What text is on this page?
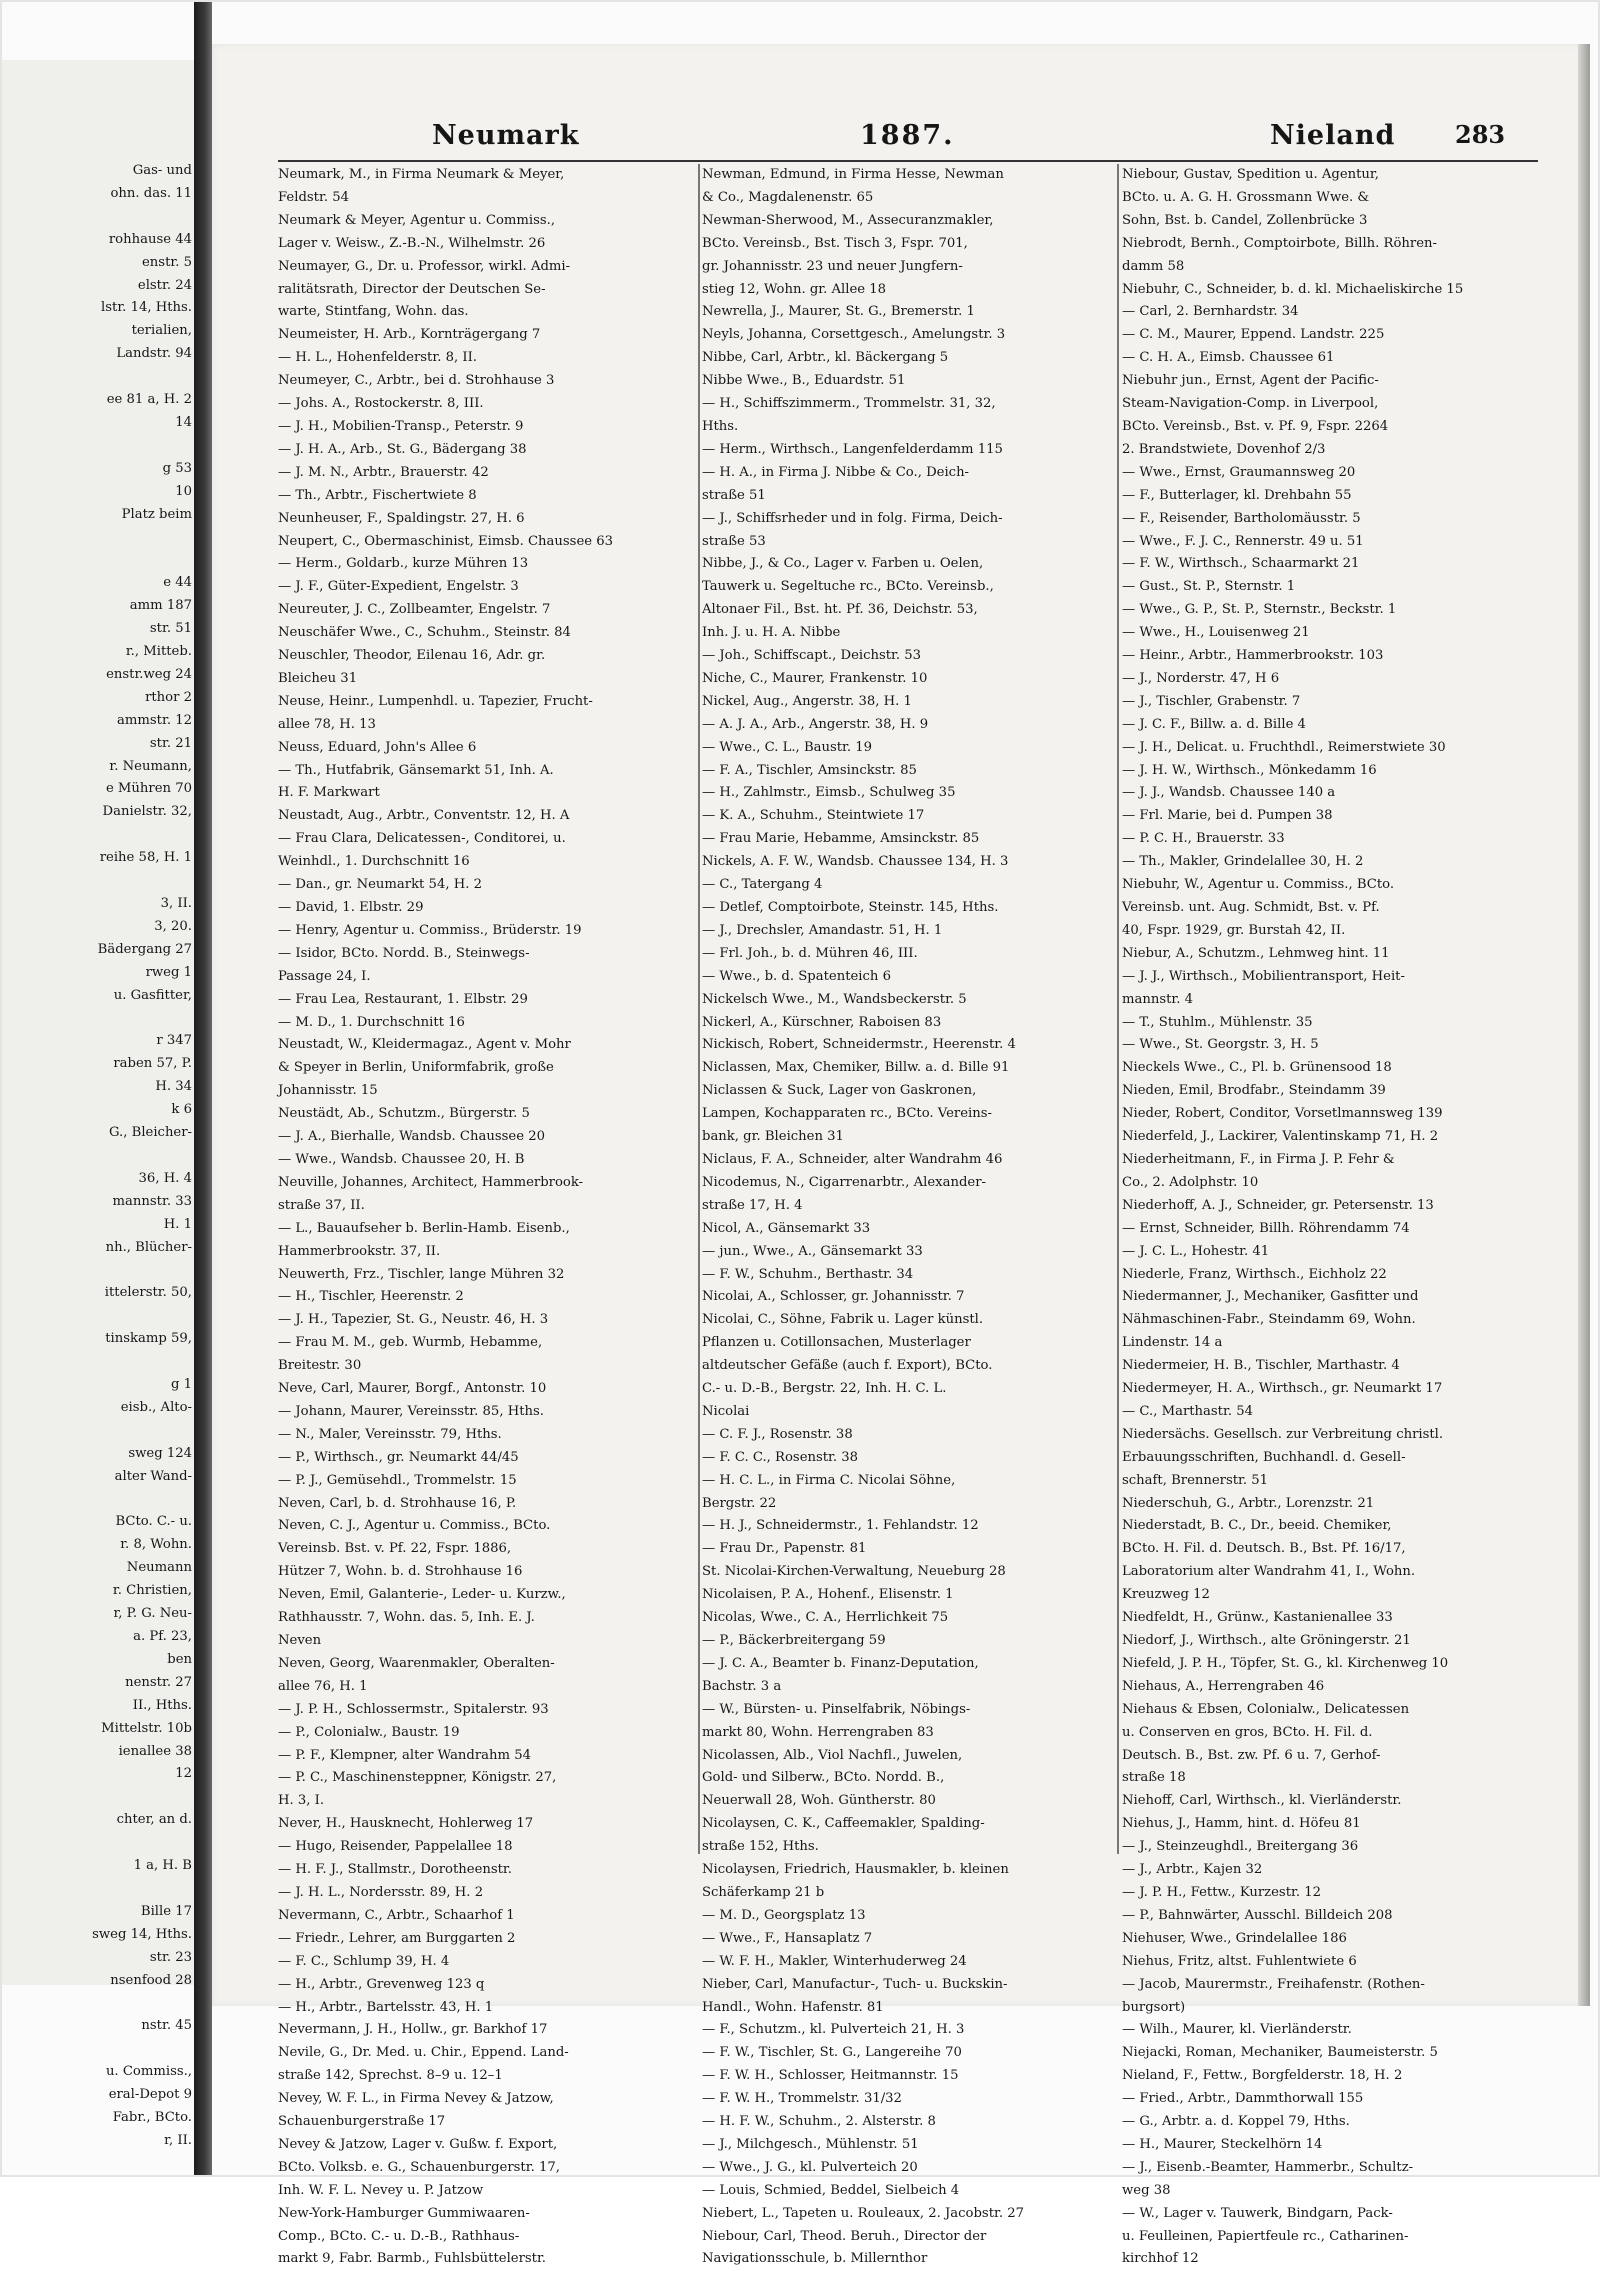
Gas- und
ohn. das. 11

rohhause 44
enstr. 5
elstr. 24
lstr. 14, Hths.
terialien,
Landstr. 94

ee 81 a, H. 2
14

g 53
10
Platz beim

e 44
amm 187
str. 51
r., Mitteb.
enstr.weg 24
rthor 2
ammstr. 12
str. 21
r. Neumann,
e Mühren 70
Danielstr. 32,

reihe 58, H. 1

3, II.
3, 20.
Bädergang 27
rweg 1
u. Gasfitter,

r 347
raben 57, P.
H. 34
k 6
G., Bleicher-

36, H. 4
mannstr. 33
H. 1
nh., Blücher-

ittelerstr. 50,

tinskamp 59,

g 1
eisb., Alto-

sweg 124
alter Wand-

BCto. C.- u.
r. 8, Wohn.
Neumann
r. Christien,
r, P. G. Neu-
a. Pf. 23,
ben
nenstr. 27
II., Hths.
Mittelstr. 10b
ienallee 38
12

chter, an d.

1 a, H. B

Bille 17
sweg 14, Hths.
str. 23
nsenfood 28

nstr. 45

u. Commiss.,
eral-Depot 9
Fabr., BCto.
r, II.
Neumark	1887.	Nieland 283
Neumark, M., in Firma Neumark & Meyer,
Feldstr. 54
Neumark & Meyer, Agentur u. Commiss.,
Lager v. Weisw., Z.-B.-N., Wilhelmstr. 26
Neumayer, G., Dr. u. Professor, wirkl. Admi-
ralitätsrath, Director der Deutschen Se-
warte, Stintfang, Wohn. das.
Neumeister, H. Arb., Kornträgergang 7
— H. L., Hohenfelderstr. 8, II.
Neumeyer, C., Arbtr., bei d. Strohhause 3
— Johs. A., Rostockerstr. 8, III.
— J. H., Mobilien-Transp., Peterstr. 9
— J. H. A., Arb., St. G., Bädergang 38
— J. M. N., Arbtr., Brauerstr. 42
— Th., Arbtr., Fischertwiete 8
Neunheuser, F., Spaldingstr. 27, H. 6
Neupert, C., Obermaschinist, Eimsb. Chaussee 63
— Herm., Goldarb., kurze Mühren 13
— J. F., Güter-Expedient, Engelstr. 3
Neureuter, J. C., Zollbeamter, Engelstr. 7
Neuschäfer Wwe., C., Schuhm., Steinstr. 84
Neuschler, Theodor, Eilenau 16, Adr. gr.
Bleicheu 31
Neuse, Heinr., Lumpenhdl. u. Tapezier, Frucht-
allee 78, H. 13
Neuss, Eduard, John's Allee 6
— Th., Hutfabrik, Gänsemarkt 51, Inh. A.
H. F. Markwart
Neustadt, Aug., Arbtr., Conventstr. 12, H. A
— Frau Clara, Delicatessen-, Conditorei, u.
Weinhdl., 1. Durchschnitt 16
— Dan., gr. Neumarkt 54, H. 2
— David, 1. Elbstr. 29
— Henry, Agentur u. Commiss., Brüderstr. 19
— Isidor, BCto. Nordd. B., Steinwegs-
Passage 24, I.
— Frau Lea, Restaurant, 1. Elbstr. 29
— M. D., 1. Durchschnitt 16
Neustadt, W., Kleidermagaz., Agent v. Mohr
& Speyer in Berlin, Uniformfabrik, große
Johannisstr. 15
Neustädt, Ab., Schutzm., Bürgerstr. 5
— J. A., Bierhalle, Wandsb. Chaussee 20
— Wwe., Wandsb. Chaussee 20, H. B
Neuville, Johannes, Architect, Hammerbrook-
straße 37, II.
— L., Bauaufseher b. Berlin-Hamb. Eisenb.,
Hammerbrookstr. 37, II.
Neuwerth, Frz., Tischler, lange Mühren 32
— H., Tischler, Heerenstr. 2
— J. H., Tapezier, St. G., Neustr. 46, H. 3
— Frau M. M., geb. Wurmb, Hebamme,
Breitestr. 30
Neve, Carl, Maurer, Borgf., Antonstr. 10
— Johann, Maurer, Vereinsstr. 85, Hths.
— N., Maler, Vereinsstr. 79, Hths.
— P., Wirthsch., gr. Neumarkt 44/45
— P. J., Gemüsehdl., Trommelstr. 15
Neven, Carl, b. d. Strohhause 16, P.
Neven, C. J., Agentur u. Commiss., BCto.
Vereinsb. Bst. v. Pf. 22, Fspr. 1886,
Hützer 7, Wohn. b. d. Strohhause 16
Neven, Emil, Galanterie-, Leder- u. Kurzw.,
Rathhausstr. 7, Wohn. das. 5, Inh. E. J.
Neven
Neven, Georg, Waarenmakler, Oberalten-
allee 76, H. 1
— J. P. H., Schlossermstr., Spitalerstr. 93
— P., Colonialw., Baustr. 19
— P. F., Klempner, alter Wandrahm 54
— P. C., Maschinensteppner, Königstr. 27,
H. 3, I.
Never, H., Hausknecht, Hohlerweg 17
— Hugo, Reisender, Pappelallee 18
— H. F. J., Stallmstr., Dorotheenstr.
— J. H. L., Nordersstr. 89, H. 2
Nevermann, C., Arbtr., Schaarhof 1
— Friedr., Lehrer, am Burggarten 2
— F. C., Schlump 39, H. 4
— H., Arbtr., Grevenweg 123 q
— H., Arbtr., Bartelsstr. 43, H. 1
Nevermann, J. H., Hollw., gr. Barkhof 17
Nevile, G., Dr. Med. u. Chir., Eppend. Land-
straße 142, Sprechst. 8–9 u. 12–1
Nevey, W. F. L., in Firma Nevey & Jatzow,
Schauenburgerstraße 17
Nevey & Jatzow, Lager v. Gußw. f. Export,
BCto. Volksb. e. G., Schauenburgerstr. 17,
Inh. W. F. L. Nevey u. P. Jatzow
New-York-Hamburger Gummiwaaren-
Comp., BCto. C.- u. D.-B., Rathhaus-
markt 9, Fabr. Barmb., Fuhlsbüttelerstr.
Newman, Edmund, in Firma Hesse, Newman
& Co., Magdalenenstr. 65
Newman-Sherwood, M., Assecuranzmakler,
BCto. Vereinsb., Bst. Tisch 3, Fspr. 701,
gr. Johannisstr. 23 und neuer Jungfern-
stieg 12, Wohn. gr. Allee 18
Newrella, J., Maurer, St. G., Bremerstr. 1
Neyls, Johanna, Corsettgesch., Amelungstr. 3
Nibbe, Carl, Arbtr., kl. Bäckergang 5
Nibbe Wwe., B., Eduardstr. 51
— H., Schiffszimmerm., Trommelstr. 31, 32,
Hths.
— Herm., Wirthsch., Langenfelderdamm 115
— H. A., in Firma J. Nibbe & Co., Deich-
straße 51
— J., Schiffsrheder und in folg. Firma, Deich-
straße 53
Nibbe, J., & Co., Lager v. Farben u. Oelen,
Tauwerk u. Segeltuche rc., BCto. Vereinsb.,
Altonaer Fil., Bst. ht. Pf. 36, Deichstr. 53,
Inh. J. u. H. A. Nibbe
— Joh., Schiffscapt., Deichstr. 53
Niche, C., Maurer, Frankenstr. 10
Nickel, Aug., Angerstr. 38, H. 1
— A. J. A., Arb., Angerstr. 38, H. 9
— Wwe., C. L., Baustr. 19
— F. A., Tischler, Amsinckstr. 85
— H., Zahlmstr., Eimsb., Schulweg 35
— K. A., Schuhm., Steintwiete 17
— Frau Marie, Hebamme, Amsinckstr. 85
Nickels, A. F. W., Wandsb. Chaussee 134, H. 3
— C., Tatergang 4
— Detlef, Comptoirbote, Steinstr. 145, Hths.
— J., Drechsler, Amandastr. 51, H. 1
— Frl. Joh., b. d. Mühren 46, III.
— Wwe., b. d. Spatenteich 6
Nickelsch Wwe., M., Wandsbeckerstr. 5
Nickerl, A., Kürschner, Raboisen 83
Nickisch, Robert, Schneidermstr., Heerenstr. 4
Niclassen, Max, Chemiker, Billw. a. d. Bille 91
Niclassen & Suck, Lager von Gaskronen,
Lampen, Kochapparaten rc., BCto. Vereins-
bank, gr. Bleichen 31
Niclaus, F. A., Schneider, alter Wandrahm 46
Nicodemus, N., Cigarrenarbtr., Alexander-
straße 17, H. 4
Nicol, A., Gänsemarkt 33
— jun., Wwe., A., Gänsemarkt 33
— F. W., Schuhm., Berthastr. 34
Nicolai, A., Schlosser, gr. Johannisstr. 7
Nicolai, C., Söhne, Fabrik u. Lager künstl.
Pflanzen u. Cotillonsachen, Musterlager
altdeutscher Gefäße (auch f. Export), BCto.
C.- u. D.-B., Bergstr. 22, Inh. H. C. L.
Nicolai
— C. F. J., Rosenstr. 38
— F. C. C., Rosenstr. 38
— H. C. L., in Firma C. Nicolai Söhne,
Bergstr. 22
— H. J., Schneidermstr., 1. Fehlandstr. 12
— Frau Dr., Papenstr. 81
St. Nicolai-Kirchen-Verwaltung, Neueburg 28
Nicolaisen, P. A., Hohenf., Elisenstr. 1
Nicolas, Wwe., C. A., Herrlichkeit 75
— P., Bäckerbreitergang 59
— J. C. A., Beamter b. Finanz-Deputation,
Bachstr. 3 a
— W., Bürsten- u. Pinselfabrik, Nöbings-
markt 80, Wohn. Herrengraben 83
Nicolassen, Alb., Viol Nachfl., Juwelen,
Gold- und Silberw., BCto. Nordd. B.,
Neuerwall 28, Woh. Güntherstr. 80
Nicolaysen, C. K., Caffeemakler, Spalding-
straße 152, Hths.
Nicolaysen, Friedrich, Hausmakler, b. kleinen
Schäferkamp 21 b
— M. D., Georgsplatz 13
— Wwe., F., Hansaplatz 7
— W. F. H., Makler, Winterhuderweg 24
Nieber, Carl, Manufactur-, Tuch- u. Buckskin-
Handl., Wohn. Hafenstr. 81
— F., Schutzm., kl. Pulverteich 21, H. 3
— F. W., Tischler, St. G., Langereihe 70
— F. W. H., Schlosser, Heitmannstr. 15
— F. W. H., Trommelstr. 31/32
— H. F. W., Schuhm., 2. Alsterstr. 8
— J., Milchgesch., Mühlenstr. 51
— Wwe., J. G., kl. Pulverteich 20
— Louis, Schmied, Beddel, Sielbeich 4
Niebert, L., Tapeten u. Rouleaux, 2. Jacobstr. 27
Niebour, Carl, Theod. Beruh., Director der
Navigationsschule, b. Millernthor
Niebour, Gustav, Spedition u. Agentur,
BCto. u. A. G. H. Grossmann Wwe. &
Sohn, Bst. b. Candel, Zollenbrücke 3
Niebrodt, Bernh., Comptoirbote, Billh. Röhren-
damm 58
Niebuhr, C., Schneider, b. d. kl. Michaeliskirche 15
— Carl, 2. Bernhardstr. 34
— C. M., Maurer, Eppend. Landstr. 225
— C. H. A., Eimsb. Chaussee 61
Niebuhr jun., Ernst, Agent der Pacific-
Steam-Navigation-Comp. in Liverpool,
BCto. Vereinsb., Bst. v. Pf. 9, Fspr. 2264
2. Brandstwiete, Dovenhof 2/3
— Wwe., Ernst, Graumannsweg 20
— F., Butterlager, kl. Drehbahn 55
— F., Reisender, Bartholomäusstr. 5
— Wwe., F. J. C., Rennerstr. 49 u. 51
— F. W., Wirthsch., Schaarmarkt 21
— Gust., St. P., Sternstr. 1
— Wwe., G. P., St. P., Sternstr., Beckstr. 1
— Wwe., H., Louisenweg 21
— Heinr., Arbtr., Hammerbrookstr. 103
— J., Norderstr. 47, H 6
— J., Tischler, Grabenstr. 7
— J. C. F., Billw. a. d. Bille 4
— J. H., Delicat. u. Fruchthdl., Reimerstwiete 30
— J. H. W., Wirthsch., Mönkedamm 16
— J. J., Wandsb. Chaussee 140 a
— Frl. Marie, bei d. Pumpen 38
— P. C. H., Brauerstr. 33
— Th., Makler, Grindelallee 30, H. 2
Niebuhr, W., Agentur u. Commiss., BCto.
Vereinsb. unt. Aug. Schmidt, Bst. v. Pf.
40, Fspr. 1929, gr. Burstah 42, II.
Niebur, A., Schutzm., Lehmweg hint. 11
— J. J., Wirthsch., Mobilientransport, Heit-
mannstr. 4
— T., Stuhlm., Mühlenstr. 35
— Wwe., St. Georgstr. 3, H. 5
Nieckels Wwe., C., Pl. b. Grünensood 18
Nieden, Emil, Brodfabr., Steindamm 39
Nieder, Robert, Conditor, Vorsetlmannsweg 139
Niederfeld, J., Lackirer, Valentinskamp 71, H. 2
Niederheitmann, F., in Firma J. P. Fehr &
Co., 2. Adolphstr. 10
Niederhoff, A. J., Schneider, gr. Petersenstr. 13
— Ernst, Schneider, Billh. Röhrendamm 74
— J. C. L., Hohestr. 41
Niederle, Franz, Wirthsch., Eichholz 22
Niedermanner, J., Mechaniker, Gasfitter und
Nähmaschinen-Fabr., Steindamm 69, Wohn.
Lindenstr. 14 a
Niedermeier, H. B., Tischler, Marthastr. 4
Niedermeyer, H. A., Wirthsch., gr. Neumarkt 17
— C., Marthastr. 54
Niedersächs. Gesellsch. zur Verbreitung christl.
Erbauungsschriften, Buchhandl. d. Gesell-
schaft, Brennerstr. 51
Niederschuh, G., Arbtr., Lorenzstr. 21
Niederstadt, B. C., Dr., beeid. Chemiker,
BCto. H. Fil. d. Deutsch. B., Bst. Pf. 16/17,
Laboratorium alter Wandrahm 41, I., Wohn.
Kreuzweg 12
Niedfeldt, H., Grünw., Kastanienallee 33
Niedorf, J., Wirthsch., alte Gröningerstr. 21
Niefeld, J. P. H., Töpfer, St. G., kl. Kirchenweg 10
Niehaus, A., Herrengraben 46
Niehaus & Ebsen, Colonialw., Delicatessen
u. Conserven en gros, BCto. H. Fil. d.
Deutsch. B., Bst. zw. Pf. 6 u. 7, Gerhof-
straße 18
Niehoff, Carl, Wirthsch., kl. Vierländerstr.
Niehus, J., Hamm, hint. d. Höfeu 81
— J., Steinzeughdl., Breitergang 36
— J., Arbtr., Kajen 32
— J. P. H., Fettw., Kurzestr. 12
— P., Bahnwärter, Ausschl. Billdeich 208
Niehuser, Wwe., Grindelallee 186
Niehus, Fritz, altst. Fuhlentwiete 6
— Jacob, Maurermstr., Freihafenstr. (Rothen-
burgsort)
— Wilh., Maurer, kl. Vierländerstr.
Niejacki, Roman, Mechaniker, Baumeisterstr. 5
Nieland, F., Fettw., Borgfelderstr. 18, H. 2
— Fried., Arbtr., Dammthorwall 155
— G., Arbtr. a. d. Koppel 79, Hths.
— H., Maurer, Steckelhörn 14
— J., Eisenb.-Beamter, Hammerbr., Schultz-
weg 38
— W., Lager v. Tauwerk, Bindgarn, Pack-
u. Feulleinen, Papiertfeule rc., Catharinen-
kirchhof 12
